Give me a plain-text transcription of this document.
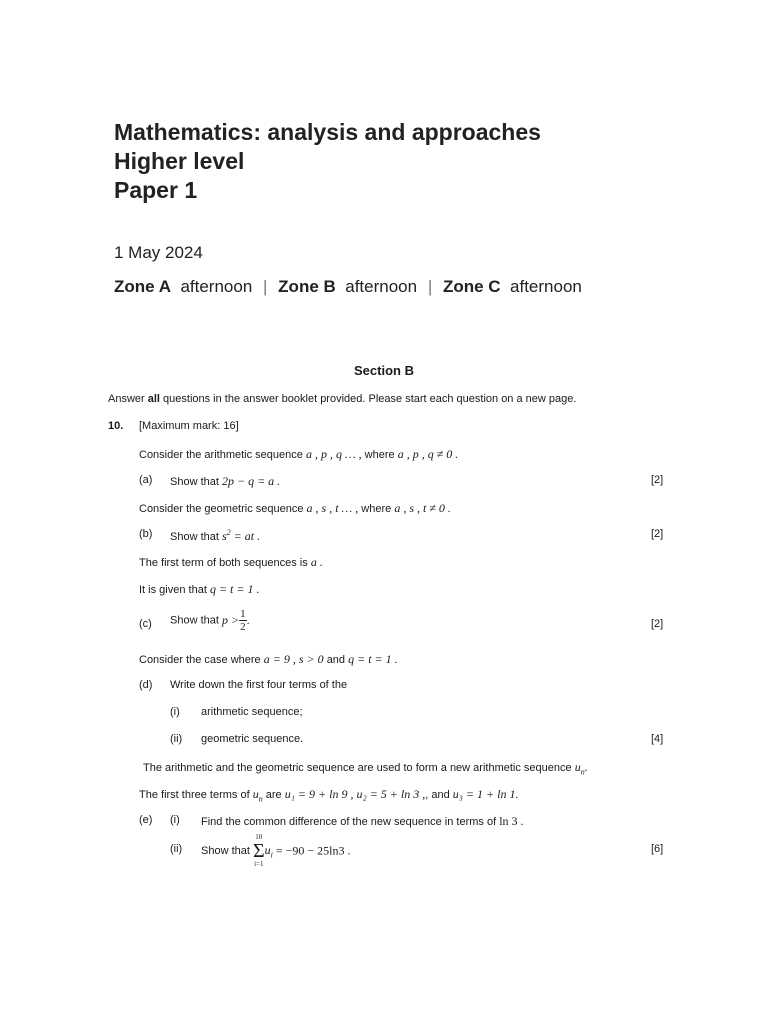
Mathematics: analysis and approaches
Higher level
Paper 1
1 May 2024
Zone A afternoon | Zone B afternoon | Zone C afternoon
Section B
Answer all questions in the answer booklet provided. Please start each question on a new page.
10. [Maximum mark: 16]
Consider the arithmetic sequence a , p , q … , where a , p , q ≠ 0 .
(a) Show that 2p − q = a .	[2]
Consider the geometric sequence a , s , t … , where a , s , t ≠ 0 .
(b) Show that $s^2$ = at .	[2]
The first term of both sequences is a .
It is given that q = t = 1 .
(c) Show that $p > \frac{1}{2}$ .	[2]
Consider the case where a = 9 , s > 0 and q = t = 1 .
(d) Write down the first four terms of the
(i) arithmetic sequence;
(ii) geometric sequence.	[4]
The arithmetic and the geometric sequence are used to form a new arithmetic sequence $u_n$.
The first three terms of $u_n$ are u₁ = 9 + ln 9 , u₂ = 5 + ln 3 ,, and u₃ = 1 + ln 1.
(e) (i) Find the common difference of the new sequence in terms of ln 3 .
(ii) Show that
10
Σ
i=1
$u_i = -90 - 25\ln 3$ .	[6]
